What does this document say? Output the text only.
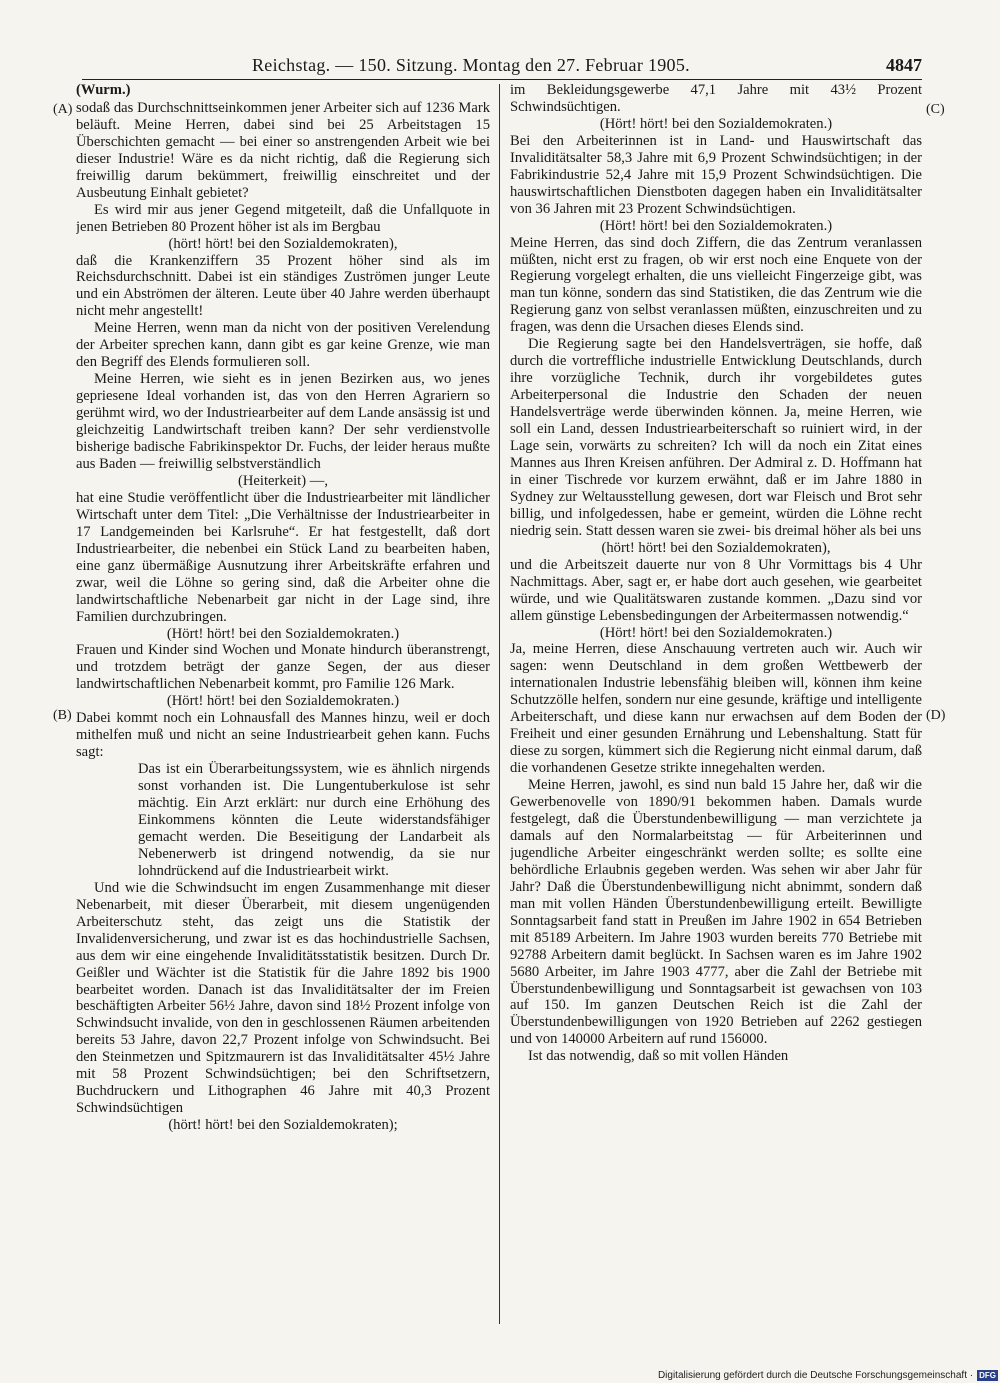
Reichstag. — 150. Sitzung. Montag den 27. Februar 1905.	4847
(A)
(B)
(C)
(D)

(Wurm.)

sodaß das Durchschnittseinkommen jener Arbeiter sich auf 1236 Mark beläuft. Meine Herren, dabei sind bei 25 Arbeitstagen 15 Überschichten gemacht — bei einer so anstrengenden Arbeit wie bei dieser Industrie! Wäre es da nicht richtig, daß die Regierung sich freiwillig darum bekümmert, freiwillig einschreitet und der Ausbeutung Einhalt gebietet?

Es wird mir aus jener Gegend mitgeteilt, daß die Unfallquote in jenen Betrieben 80 Prozent höher ist als im Bergbau

(hört! hört! bei den Sozialdemokraten),

daß die Krankenziffern 35 Prozent höher sind als im Reichsdurchschnitt. Dabei ist ein ständiges Zuströmen junger Leute und ein Abströmen der älteren. Leute über 40 Jahre werden überhaupt nicht mehr angestellt!

Meine Herren, wenn man da nicht von der positiven Verelendung der Arbeiter sprechen kann, dann gibt es gar keine Grenze, wie man den Begriff des Elends formulieren soll.

Meine Herren, wie sieht es in jenen Bezirken aus, wo jenes gepriesene Ideal vorhanden ist, das von den Herren Agrariern so gerühmt wird, wo der Industriearbeiter auf dem Lande ansässig ist und gleichzeitig Landwirtschaft treiben kann? Der sehr verdienstvolle bisherige badische Fabrikinspektor Dr. Fuchs, der leider heraus mußte aus Baden — freiwillig selbstverständlich

(Heiterkeit) —,

hat eine Studie veröffentlicht über die Industriearbeiter mit ländlicher Wirtschaft unter dem Titel: „Die Verhältnisse der Industriearbeiter in 17 Landgemeinden bei Karlsruhe“. Er hat festgestellt, daß dort Industriearbeiter, die nebenbei ein Stück Land zu bearbeiten haben, eine ganz übermäßige Ausnutzung ihrer Arbeitskräfte erfahren und zwar, weil die Löhne so gering sind, daß die Arbeiter ohne die landwirtschaftliche Nebenarbeit gar nicht in der Lage sind, ihre Familien durchzubringen.

(Hört! hört! bei den Sozialdemokraten.)

Frauen und Kinder sind Wochen und Monate hindurch überanstrengt, und trotzdem beträgt der ganze Segen, der aus dieser landwirtschaftlichen Nebenarbeit kommt, pro Familie 126 Mark.

(Hört! hört! bei den Sozialdemokraten.)

Dabei kommt noch ein Lohnausfall des Mannes hinzu, weil er doch mithelfen muß und nicht an seine Industriearbeit gehen kann. Fuchs sagt:

Das ist ein Überarbeitungssystem, wie es ähnlich nirgends sonst vorhanden ist. Die Lungentuberkulose ist sehr mächtig. Ein Arzt erklärt: nur durch eine Erhöhung des Einkommens könnten die Leute widerstandsfähiger gemacht werden. Die Beseitigung der Landarbeit als Nebenerwerb ist dringend notwendig, da sie nur lohndrückend auf die Industriearbeit wirkt.

Und wie die Schwindsucht im engen Zusammenhange mit dieser Nebenarbeit, mit dieser Überarbeit, mit diesem ungenügenden Arbeiterschutz steht, das zeigt uns die Statistik der Invalidenversicherung, und zwar ist es das hochindustrielle Sachsen, aus dem wir eine eingehende Invaliditätsstatistik besitzen. Durch Dr. Geißler und Wächter ist die Statistik für die Jahre 1892 bis 1900 bearbeitet worden. Danach ist das Invaliditätsalter der im Freien beschäftigten Arbeiter 56½ Jahre, davon sind 18½ Prozent infolge von Schwindsucht invalide, von den in geschlossenen Räumen arbeitenden bereits 53 Jahre, davon 22,7 Prozent infolge von Schwindsucht. Bei den Steinmetzen und Spitzmaurern ist das Invaliditätsalter 45½ Jahre mit 58 Prozent Schwindsüchtigen; bei den Schriftsetzern, Buchdruckern und Lithographen 46 Jahre mit 40,3 Prozent Schwindsüchtigen

(hört! hört! bei den Sozialdemokraten);

im Bekleidungsgewerbe 47,1 Jahre mit 43½ Prozent Schwindsüchtigen.

(Hört! hört! bei den Sozialdemokraten.)

Bei den Arbeiterinnen ist in Land- und Hauswirtschaft das Invaliditätsalter 58,3 Jahre mit 6,9 Prozent Schwindsüchtigen; in der Fabrikindustrie 52,4 Jahre mit 15,9 Prozent Schwindsüchtigen. Die hauswirtschaftlichen Dienstboten dagegen haben ein Invaliditätsalter von 36 Jahren mit 23 Prozent Schwindsüchtigen.

(Hört! hört! bei den Sozialdemokraten.)

Meine Herren, das sind doch Ziffern, die das Zentrum veranlassen müßten, nicht erst zu fragen, ob wir erst noch eine Enquete von der Regierung vorgelegt erhalten, die uns vielleicht Fingerzeige gibt, was man tun könne, sondern das sind Statistiken, die das Zentrum wie die Regierung ganz von selbst veranlassen müßten, einzuschreiten und zu fragen, was denn die Ursachen dieses Elends sind.

Die Regierung sagte bei den Handelsverträgen, sie hoffe, daß durch die vortreffliche industrielle Entwicklung Deutschlands, durch ihre vorzügliche Technik, durch ihr vorgebildetes gutes Arbeiterpersonal die Industrie den Schaden der neuen Handelsverträge werde überwinden können. Ja, meine Herren, wie soll ein Land, dessen Industriearbeiterschaft so ruiniert wird, in der Lage sein, vorwärts zu schreiten? Ich will da noch ein Zitat eines Mannes aus Ihren Kreisen anführen. Der Admiral z. D. Hoffmann hat in einer Tischrede vor kurzem erwähnt, daß er im Jahre 1880 in Sydney zur Weltausstellung gewesen, dort war Fleisch und Brot sehr billig, und infolgedessen, habe er gemeint, würden die Löhne recht niedrig sein. Statt dessen waren sie zwei- bis dreimal höher als bei uns

(hört! hört! bei den Sozialdemokraten),

und die Arbeitszeit dauerte nur von 8 Uhr Vormittags bis 4 Uhr Nachmittags. Aber, sagt er, er habe dort auch gesehen, wie gearbeitet würde, und wie Qualitätswaren zustande kommen. „Dazu sind vor allem günstige Lebensbedingungen der Arbeitermassen notwendig.“

(Hört! hört! bei den Sozialdemokraten.)

Ja, meine Herren, diese Anschauung vertreten auch wir. Auch wir sagen: wenn Deutschland in dem großen Wettbewerb der internationalen Industrie lebensfähig bleiben will, können ihm keine Schutzzölle helfen, sondern nur eine gesunde, kräftige und intelligente Arbeiterschaft, und diese kann nur erwachsen auf dem Boden der Freiheit und einer gesunden Ernährung und Lebenshaltung. Statt für diese zu sorgen, kümmert sich die Regierung nicht einmal darum, daß die vorhandenen Gesetze strikte innegehalten werden.

Meine Herren, jawohl, es sind nun bald 15 Jahre her, daß wir die Gewerbenovelle von 1890/91 bekommen haben. Damals wurde festgelegt, daß die Überstundenbewilligung — man verzichtete ja damals auf den Normalarbeitstag — für Arbeiterinnen und jugendliche Arbeiter eingeschränkt werden sollte; es sollte eine behördliche Erlaubnis gegeben werden. Was sehen wir aber Jahr für Jahr? Daß die Überstundenbewilligung nicht abnimmt, sondern daß man mit vollen Händen Überstundenbewilligung erteilt. Bewilligte Sonntagsarbeit fand statt in Preußen im Jahre 1902 in 654 Betrieben mit 85189 Arbeitern. Im Jahre 1903 wurden bereits 770 Betriebe mit 92788 Arbeitern damit beglückt. In Sachsen waren es im Jahre 1902 5680 Arbeiter, im Jahre 1903 4777, aber die Zahl der Betriebe mit Überstundenbewilligung und Sonntagsarbeit ist gewachsen von 103 auf 150. Im ganzen Deutschen Reich ist die Zahl der Überstundenbewilligungen von 1920 Betrieben auf 2262 gestiegen und von 140000 Arbeitern auf rund 156000.

Ist das notwendig, daß so mit vollen Händen

Digitalisierung gefördert durch die Deutsche Forschungsgemeinschaft · DFG
